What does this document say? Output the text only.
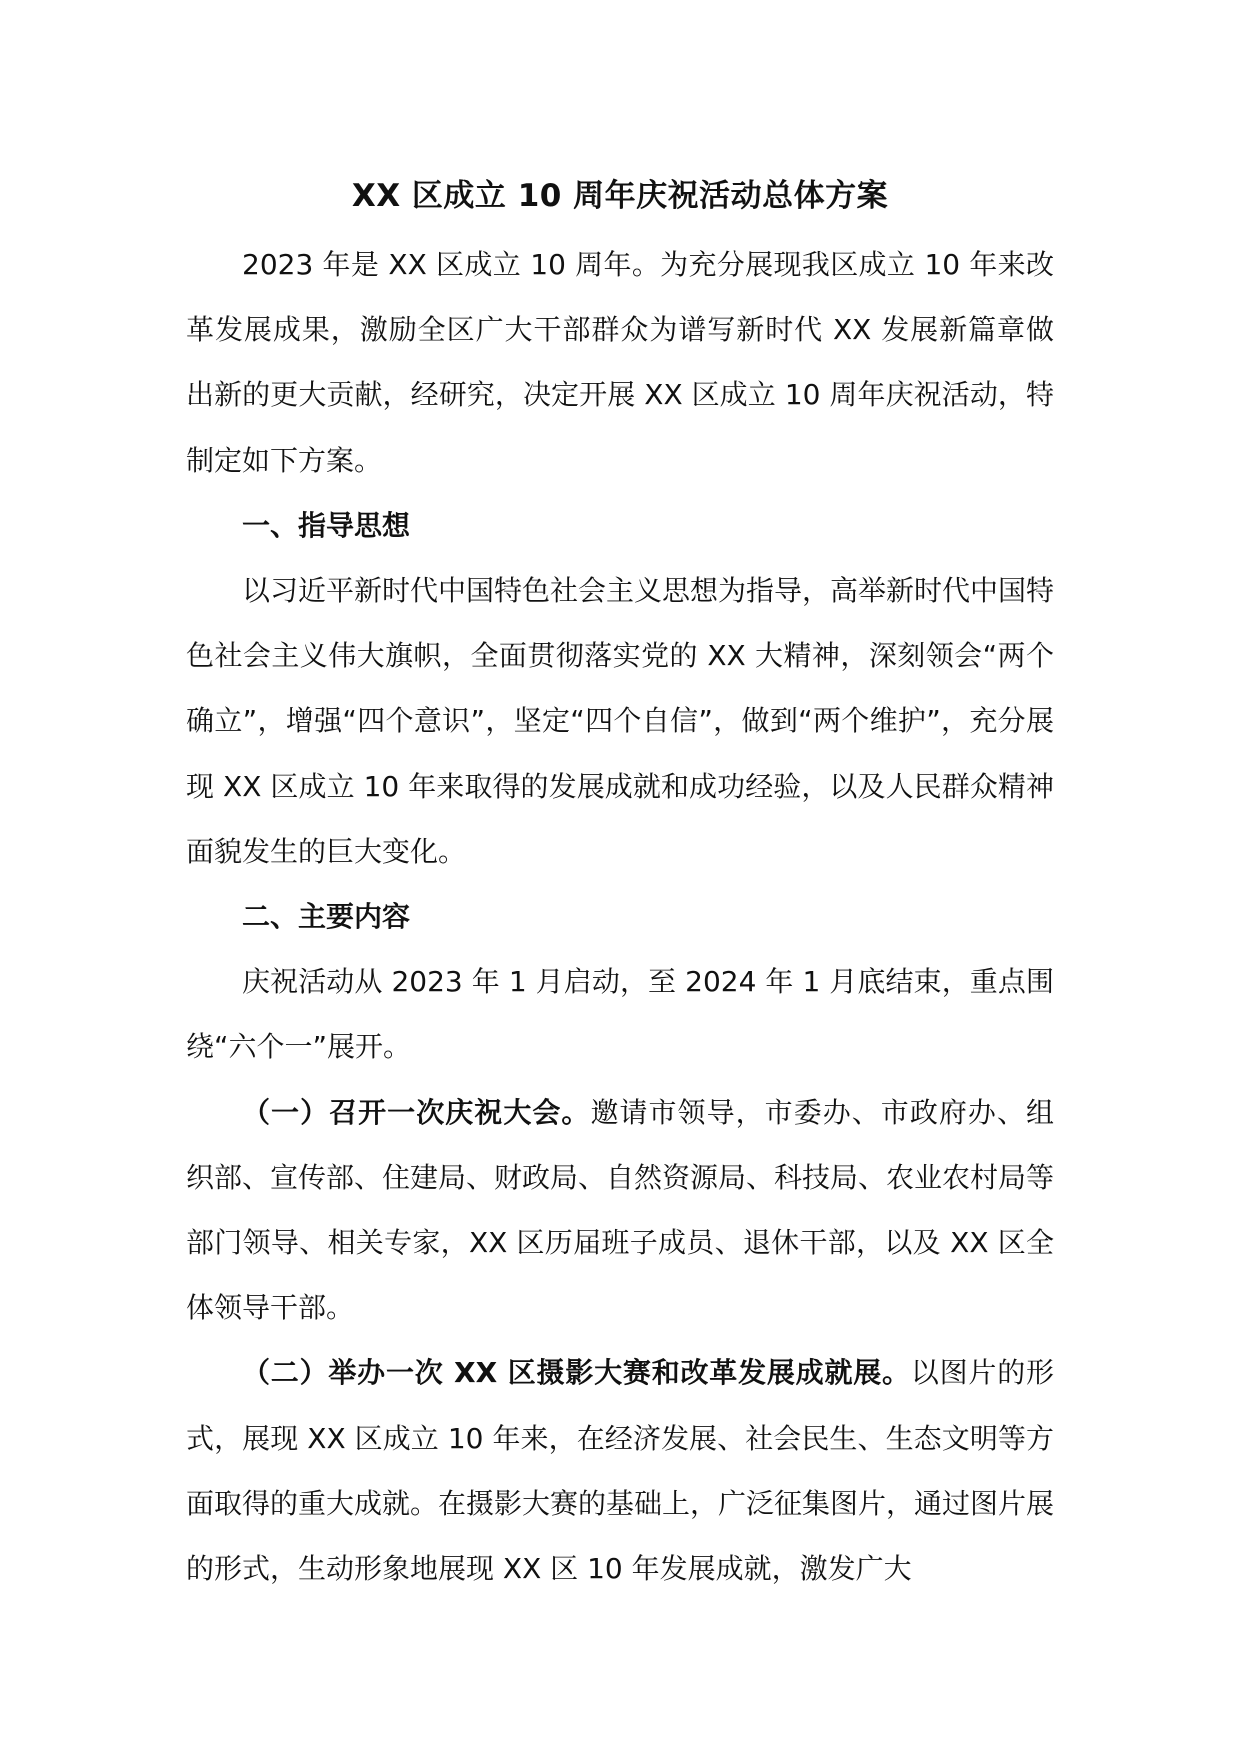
XX 区成立 10 周年庆祝活动总体方案

2023 年是 XX 区成立 10 周年。为充分展现我区成立 10 年来改革发展成果，激励全区广大干部群众为谱写新时代 XX 发展新篇章做出新的更大贡献，经研究，决定开展 XX 区成立 10 周年庆祝活动，特制定如下方案。

一、指导思想

以习近平新时代中国特色社会主义思想为指导，高举新时代中国特色社会主义伟大旗帜，全面贯彻落实党的 XX 大精神，深刻领会“两个确立”，增强“四个意识”，坚定“四个自信”，做到“两个维护”，充分展现 XX 区成立 10 年来取得的发展成就和成功经验，以及人民群众精神面貌发生的巨大变化。

二、主要内容

庆祝活动从 2023 年 1 月启动，至 2024 年 1 月底结束，重点围绕“六个一”展开。

（一）召开一次庆祝大会。邀请市领导，市委办、市政府办、组织部、宣传部、住建局、财政局、自然资源局、科技局、农业农村局等部门领导、相关专家，XX 区历届班子成员、退休干部，以及 XX 区全体领导干部。

（二）举办一次 XX 区摄影大赛和改革发展成就展。以图片的形式，展现 XX 区成立 10 年来，在经济发展、社会民生、生态文明等方面取得的重大成就。在摄影大赛的基础上，广泛征集图片，通过图片展的形式，生动形象地展现 XX 区 10 年发展成就，激发广大
